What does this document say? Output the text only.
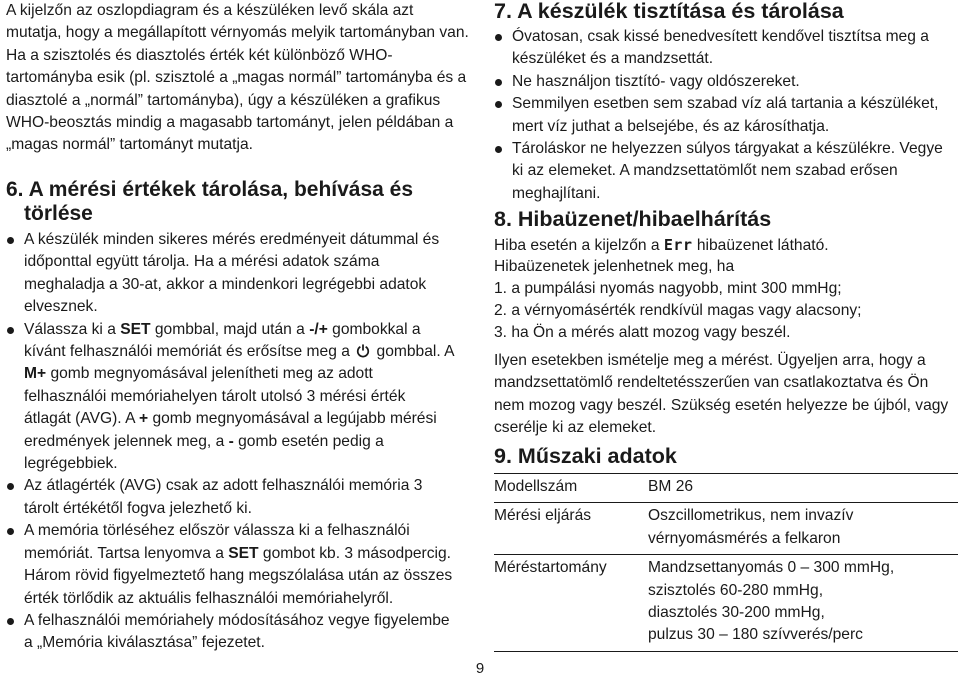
A kijelzőn az oszlopdiagram és a készüléken levő skála azt mutatja, hogy a megállapított vérnyomás melyik tartományban van. Ha a szisztolés és diasztolés érték két különböző WHO-tartományba esik (pl. szisztolé a „magas normál” tartományba és a diasztolé a „normál” tartományba), úgy a készüléken a grafikus WHO-beosztás mindig a magasabb tartományt, jelen példában a „magas normál” tartományt mutatja.

6. A mérési értékek tárolása, behívása és
törlése
A készülék minden sikeres mérés eredményeit dátummal és időponttal együtt tárolja. Ha a mérési adatok száma meghaladja a 30-at, akkor a mindenkori legrégebbi adatok elvesznek.
Válassza ki a SET gombbal, majd után a -/+ gombokkal a kívánt felhasználói memóriát és erősítse meg a  gombbal. A M+ gomb megnyomásával jelenítheti meg az adott felhasználói memóriahelyen tárolt utolsó 3 mérési érték átlagát (AVG). A + gomb megnyomásával a legújabb mérési eredmények jelennek meg, a - gomb esetén pedig a legrégebbiek.
Az átlagérték (AVG) csak az adott felhasználói memória 3 tárolt értékétől fogva jelezhető ki.
A memória törléséhez először válassza ki a felhasználói memóriát. Tartsa lenyomva a SET gombot kb. 3 másodpercig. Három rövid figyelmeztető hang megszólalása után az összes érték törlődik az aktuális felhasználói memóriahelyről.
A felhasználói memóriahely módosításához vegye figyelembe a „Memória kiválasztása” fejezetet.
7. A készülék tisztítása és tárolása
Óvatosan, csak kissé benedvesített kendővel tisztítsa meg a készüléket és a mandzsettát.
Ne használjon tisztító- vagy oldószereket.
Semmilyen esetben sem szabad víz alá tartania a készüléket, mert víz juthat a belsejébe, és az károsíthatja.
Tároláskor ne helyezzen súlyos tárgyakat a készülékre. Vegye ki az elemeket. A mandzsettatömlőt nem szabad erősen meghajlítani.
8. Hibaüzenet/hibaelhárítás
Hiba esetén a kijelzőn a Err hibaüzenet látható.
Hibaüzenetek jelenhetnek meg, ha
1. a pumpálási nyomás nagyobb, mint 300 mmHg;
2. a vérnyomásérték rendkívül magas vagy alacsony;
3. ha Ön a mérés alatt mozog vagy beszél.

Ilyen esetekben ismételje meg a mérést. Ügyeljen arra, hogy a mandzsettatömlő rendeltetésszerűen van csatlakoztatva és Ön nem mozog vagy beszél. Szükség esetén helyezze be újból, vagy cserélje ki az elemeket.

9. Műszaki adatok
Modellszám	BM 26
Mérési eljárás	Oszcillometrikus, nem invazív vérnyomásmérés a felkaron
Méréstartomány	Mandzsettanyomás 0 – 300 mmHg,
szisztolés 60-280 mmHg,
diasztolés 30-200 mmHg,
pulzus 30 – 180 szívverés/perc
9
